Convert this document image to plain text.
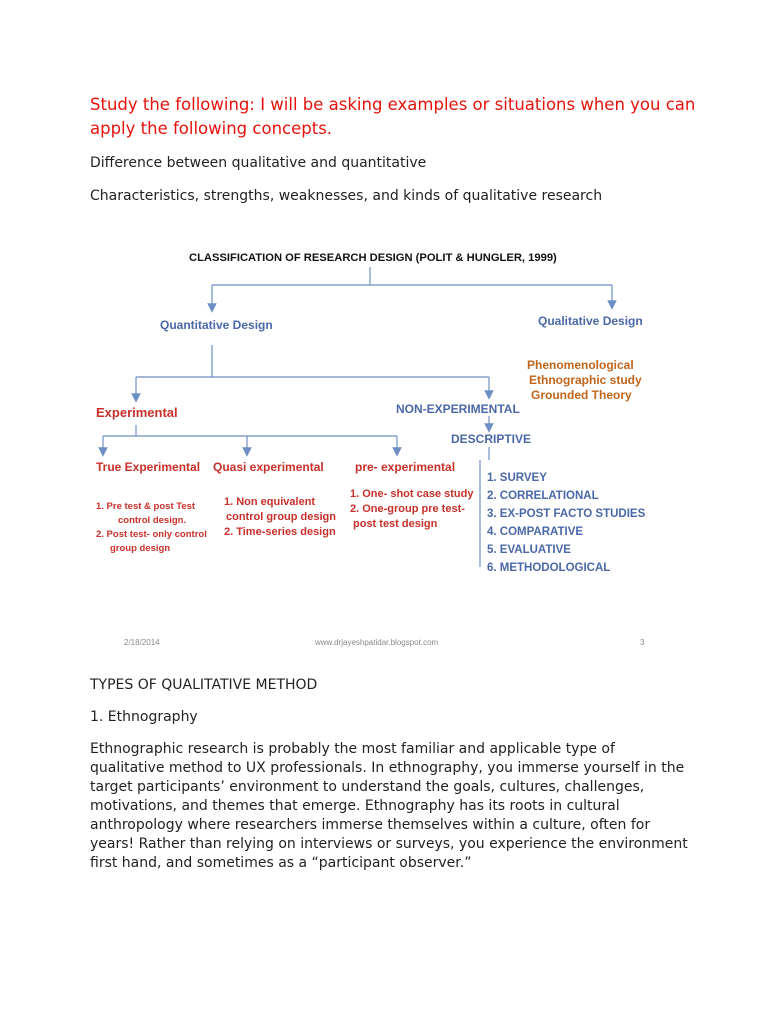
Study the following: I will be asking examples or situations when you can apply the following concepts.
Difference between qualitative and quantitative
Characteristics, strengths, weaknesses, and kinds of qualitative research
CLASSIFICATION OF RESEARCH DESIGN (POLIT & HUNGLER, 1999)
Quantitative Design	Qualitative Design
Phenomenological
Ethnographic study
Grounded Theory
Experimental	NON-EXPERIMENTAL
DESCRIPTIVE
True Experimental Quasi experimental	pre- experimental
1. Pre test & post Test
control design.
2. Post test- only control
group design
1. Non equivalent
control group design
2. Time-series design
1. One- shot case study
2. One-group pre test-
post test design
1. SURVEY
2. CORRELATIONAL
3. EX-POST FACTO STUDIES
4. COMPARATIVE
5. EVALUATIVE
6. METHODOLOGICAL
2/18/2014	www.drjayeshpatidar.blogspot.com	3
TYPES OF QUALITATIVE METHOD
1. Ethnography
Ethnographic research is probably the most familiar and applicable type of qualitative method to UX professionals. In ethnography, you immerse yourself in the target participants’ environment to understand the goals, cultures, challenges, motivations, and themes that emerge. Ethnography has its roots in cultural anthropology where researchers immerse themselves within a culture, often for years! Rather than relying on interviews or surveys, you experience the environment first hand, and sometimes as a “participant observer.”
